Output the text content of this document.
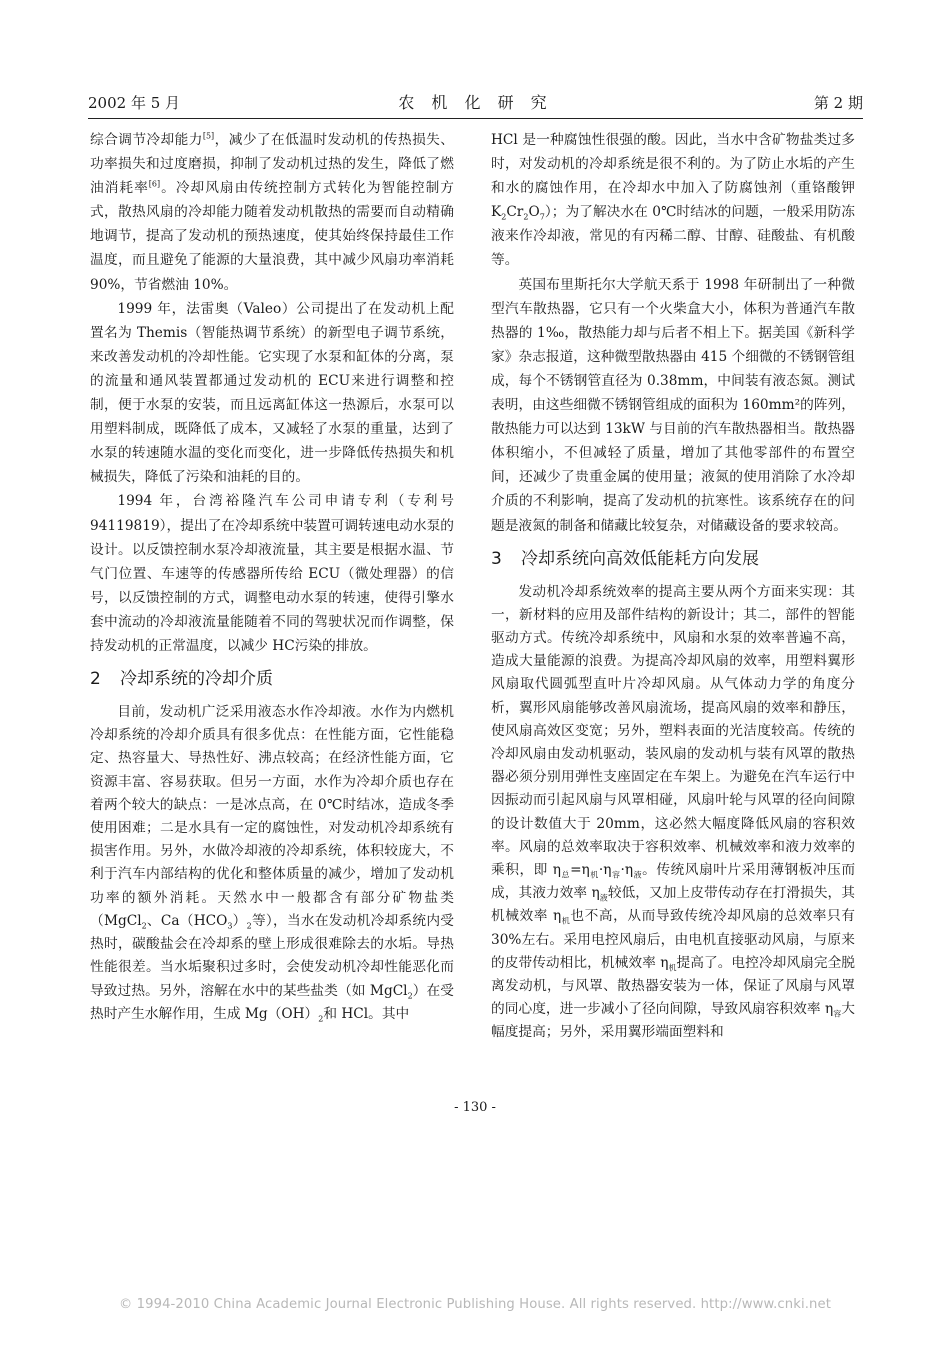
2002 年 5 月	农 机 化 研 究	第 2 期

综合调节冷却能力[5]，减少了在低温时发动机的传热损失、功率损失和过度磨损，抑制了发动机过热的发生，降低了燃油消耗率[6]。冷却风扇由传统控制方式转化为智能控制方式，散热风扇的冷却能力随着发动机散热的需要而自动精确地调节，提高了发动机的预热速度，使其始终保持最佳工作温度，而且避免了能源的大量浪费，其中减少风扇功率消耗 90%，节省燃油 10%。

1999 年，法雷奥（Valeo）公司提出了在发动机上配置名为 Themis（智能热调节系统）的新型电子调节系统，来改善发动机的冷却性能。它实现了水泵和缸体的分离，泵的流量和通风装置都通过发动机的 ECU来进行调整和控制，便于水泵的安装，而且远离缸体这一热源后，水泵可以用塑料制成，既降低了成本，又减轻了水泵的重量，达到了水泵的转速随水温的变化而变化，进一步降低传热损失和机械损失，降低了污染和油耗的目的。

1994 年，台湾裕隆汽车公司申请专利（专利号 94119819），提出了在冷却系统中装置可调转速电动水泵的设计。以反馈控制水泵冷却液流量，其主要是根据水温、节气门位置、车速等的传感器所传给 ECU（微处理器）的信号，以反馈控制的方式，调整电动水泵的转速，使得引擎水套中流动的冷却液流量能随着不同的驾驶状况而作调整，保持发动机的正常温度，以减少 HC污染的排放。

2 冷却系统的冷却介质

目前，发动机广泛采用液态水作冷却液。水作为内燃机冷却系统的冷却介质具有很多优点：在性能方面，它性能稳定、热容量大、导热性好、沸点较高；在经济性能方面，它资源丰富、容易获取。但另一方面，水作为冷却介质也存在着两个较大的缺点：一是冰点高，在 0℃时结冰，造成冬季使用困难；二是水具有一定的腐蚀性，对发动机冷却系统有损害作用。另外，水做冷却液的冷却系统，体积较庞大，不利于汽车内部结构的优化和整体质量的减少，增加了发动机功率的额外消耗。天然水中一般都含有部分矿物盐类（MgCl$_2$、$Ca(HCO_3)_2$等），当水在发动机冷却系统内受热时，碳酸盐会在冷却系的壁上形成很难除去的水垢。导热性能很差。当水垢聚积过多时，会使发动机冷却性能恶化而导致过热。另外，溶解在水中的某些盐类（如 MgCl$_2$）在受热时产生水解作用，生成 $Mg(OH)_2$和 HCl。其中

HCl 是一种腐蚀性很强的酸。因此，当水中含矿物盐类过多时，对发动机的冷却系统是很不利的。为了防止水垢的产生和水的腐蚀作用，在冷却水中加入了防腐蚀剂（重铬酸钾 $K_2Cr_2O_7$）；为了解决水在 0℃时结冰的问题，一般采用防冻液来作冷却液，常见的有丙稀二醇、甘醇、硅酸盐、有机酸等。

英国布里斯托尔大学航天系于 1998 年研制出了一种微型汽车散热器，它只有一个火柴盒大小，体积为普通汽车散热器的 1‰，散热能力却与后者不相上下。据美国《新科学家》杂志报道，这种微型散热器由 415 个细微的不锈钢管组成，每个不锈钢管直径为 0.38mm，中间装有液态氮。测试表明，由这些细微不锈钢管组成的面积为 160mm²的阵列，散热能力可以达到 13kW 与目前的汽车散热器相当。散热器体积缩小，不但减轻了质量，增加了其他零部件的布置空间，还减少了贵重金属的使用量；液氮的使用消除了水冷却介质的不利影响，提高了发动机的抗寒性。该系统存在的问题是液氮的制备和储藏比较复杂，对储藏设备的要求较高。

3 冷却系统向高效低能耗方向发展

发动机冷却系统效率的提高主要从两个方面来实现：其一，新材料的应用及部件结构的新设计；其二，部件的智能驱动方式。传统冷却系统中，风扇和水泵的效率普遍不高，造成大量能源的浪费。为提高冷却风扇的效率，用塑料翼形风扇取代圆弧型直叶片冷却风扇。从气体动力学的角度分析，翼形风扇能够改善风扇流场，提高风扇的效率和静压，使风扇高效区变宽；另外，塑料表面的光洁度较高。传统的冷却风扇由发动机驱动，装风扇的发动机与装有风罩的散热器必须分别用弹性支座固定在车架上。为避免在汽车运行中因振动而引起风扇与风罩相碰，风扇叶轮与风罩的径向间隙的设计数值大于 20mm，这必然大幅度降低风扇的容积效率。风扇的总效率取决于容积效率、机械效率和液力效率的乘积，即 $\eta_总=\eta_机\cdot\eta_容\cdot\eta_液$。传统风扇叶片采用薄钢板冲压而成，其液力效率 $\eta_液$较低，又加上皮带传动存在打滑损失，其机械效率 $\eta_机$也不高，从而导致传统冷却风扇的总效率只有 30%左右。采用电控风扇后，由电机直接驱动风扇，与原来的皮带传动相比，机械效率 $\eta_机$提高了。电控冷却风扇完全脱离发动机，与风罩、散热器安装为一体，保证了风扇与风罩的同心度，进一步减小了径向间隙，导致风扇容积效率 $\eta_容$大幅度提高；另外，采用翼形端面塑料和

- 130 -
© 1994-2010 China Academic Journal Electronic Publishing House. All rights reserved. http://www.cnki.net
